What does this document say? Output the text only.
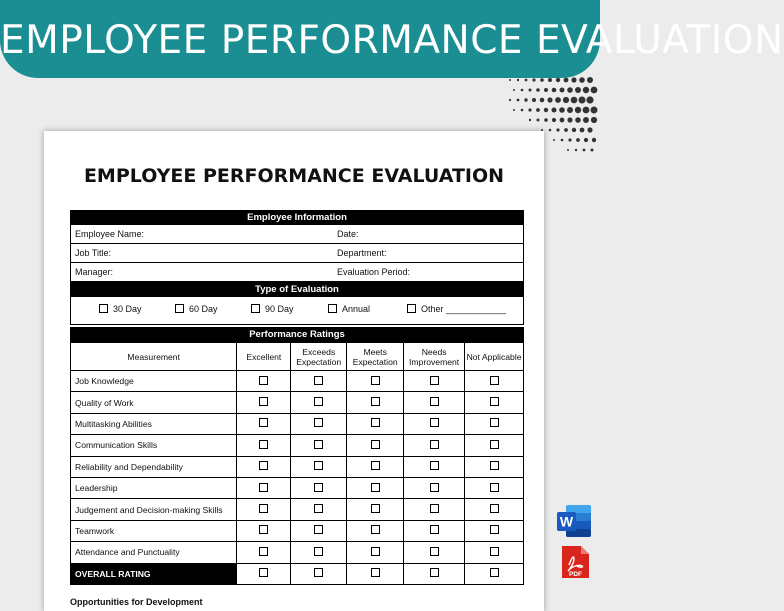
EMPLOYEE PERFORMANCE EVALUATION
EMPLOYEE PERFORMANCE EVALUATION
Employee Information
Employee Name:	Date:
Job Title:	Department:
Manager:	Evaluation Period:
Type of Evaluation
30 Day	60 Day	90 Day	Annual	Other ____________
Performance Ratings
Measurement	Excellent	Exceeds Expectation	Meets Expectation	Needs Improvement	Not Applicable
Job Knowledge					
Quality of Work					
Multitasking Abilities					
Communication Skills					
Reliability and Dependability					
Leadership					
Judgement and Decision-making Skills					
Teamwork					
Attendance and Punctuality					
OVERALL RATING					
Opportunities for Development
W
PDF
